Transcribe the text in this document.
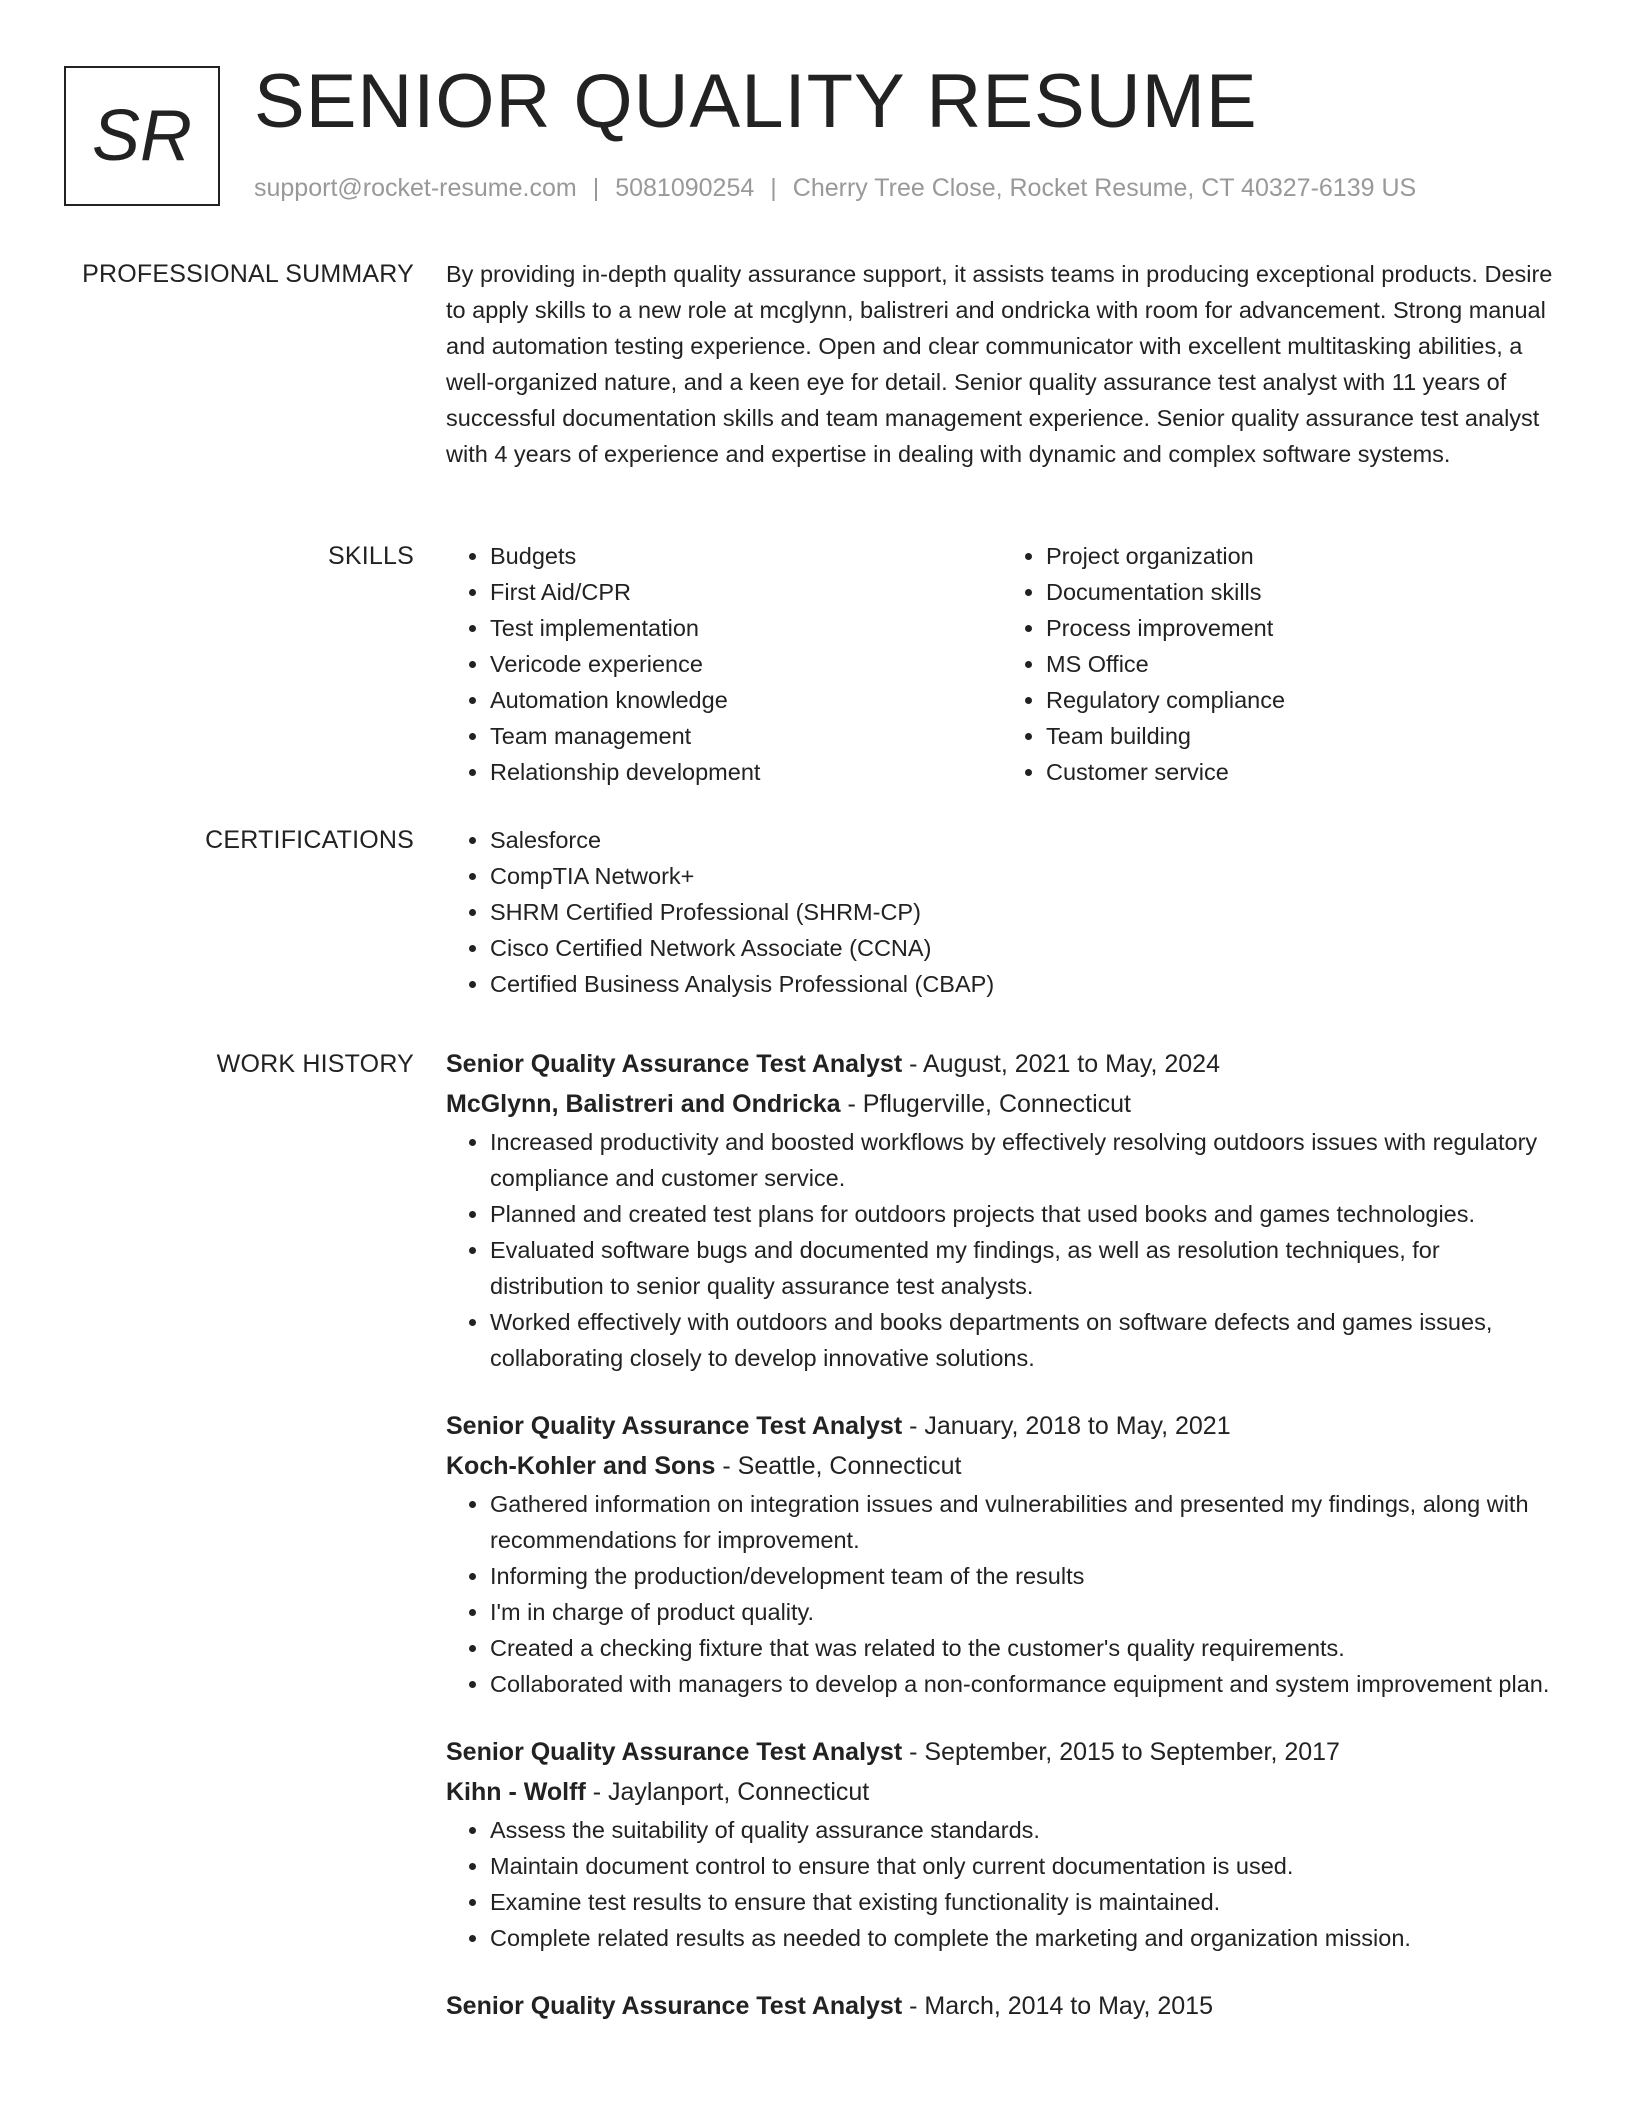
SR SENIOR QUALITY RESUME
support@rocket-resume.com | 5081090254 | Cherry Tree Close, Rocket Resume, CT 40327-6139 US
PROFESSIONAL SUMMARY By providing in-depth quality assurance support, it assists teams in producing exceptional products. Desire to apply skills to a new role at mcglynn, balistreri and ondricka with room for advancement. Strong manual and automation testing experience. Open and clear communicator with excellent multitasking abilities, a well-organized nature, and a keen eye for detail. Senior quality assurance test analyst with 11 years of successful documentation skills and team management experience. Senior quality assurance test analyst with 4 years of experience and expertise in dealing with dynamic and complex software systems.

SKILLS	• Budgets
• First Aid/CPR
• Test implementation
• Vericode experience
• Automation knowledge
• Team management
• Relationship development
• Project organization
• Documentation skills
• Process improvement
• MS Office
• Regulatory compliance
• Team building
• Customer service
CERTIFICATIONS	• Salesforce
• CompTIA Network+
• SHRM Certified Professional (SHRM-CP)
• Cisco Certified Network Associate (CCNA)
• Certified Business Analysis Professional (CBAP)
WORK HISTORY Senior Quality Assurance Test Analyst - August, 2021 to May, 2024
McGlynn, Balistreri and Ondricka - Pflugerville, Connecticut
• Increased productivity and boosted workflows by effectively resolving outdoors issues with regulatory compliance and customer service.
• Planned and created test plans for outdoors projects that used books and games technologies.
• Evaluated software bugs and documented my findings, as well as resolution techniques, for distribution to senior quality assurance test analysts.
• Worked effectively with outdoors and books departments on software defects and games issues, collaborating closely to develop innovative solutions.
Senior Quality Assurance Test Analyst - January, 2018 to May, 2021
Koch-Kohler and Sons - Seattle, Connecticut
• Gathered information on integration issues and vulnerabilities and presented my findings, along with recommendations for improvement.
• Informing the production/development team of the results
• I'm in charge of product quality.
• Created a checking fixture that was related to the customer's quality requirements.
• Collaborated with managers to develop a non-conformance equipment and system improvement plan.
Senior Quality Assurance Test Analyst - September, 2015 to September, 2017
Kihn - Wolff - Jaylanport, Connecticut
• Assess the suitability of quality assurance standards.
• Maintain document control to ensure that only current documentation is used.
• Examine test results to ensure that existing functionality is maintained.
• Complete related results as needed to complete the marketing and organization mission.
Senior Quality Assurance Test Analyst - March, 2014 to May, 2015
